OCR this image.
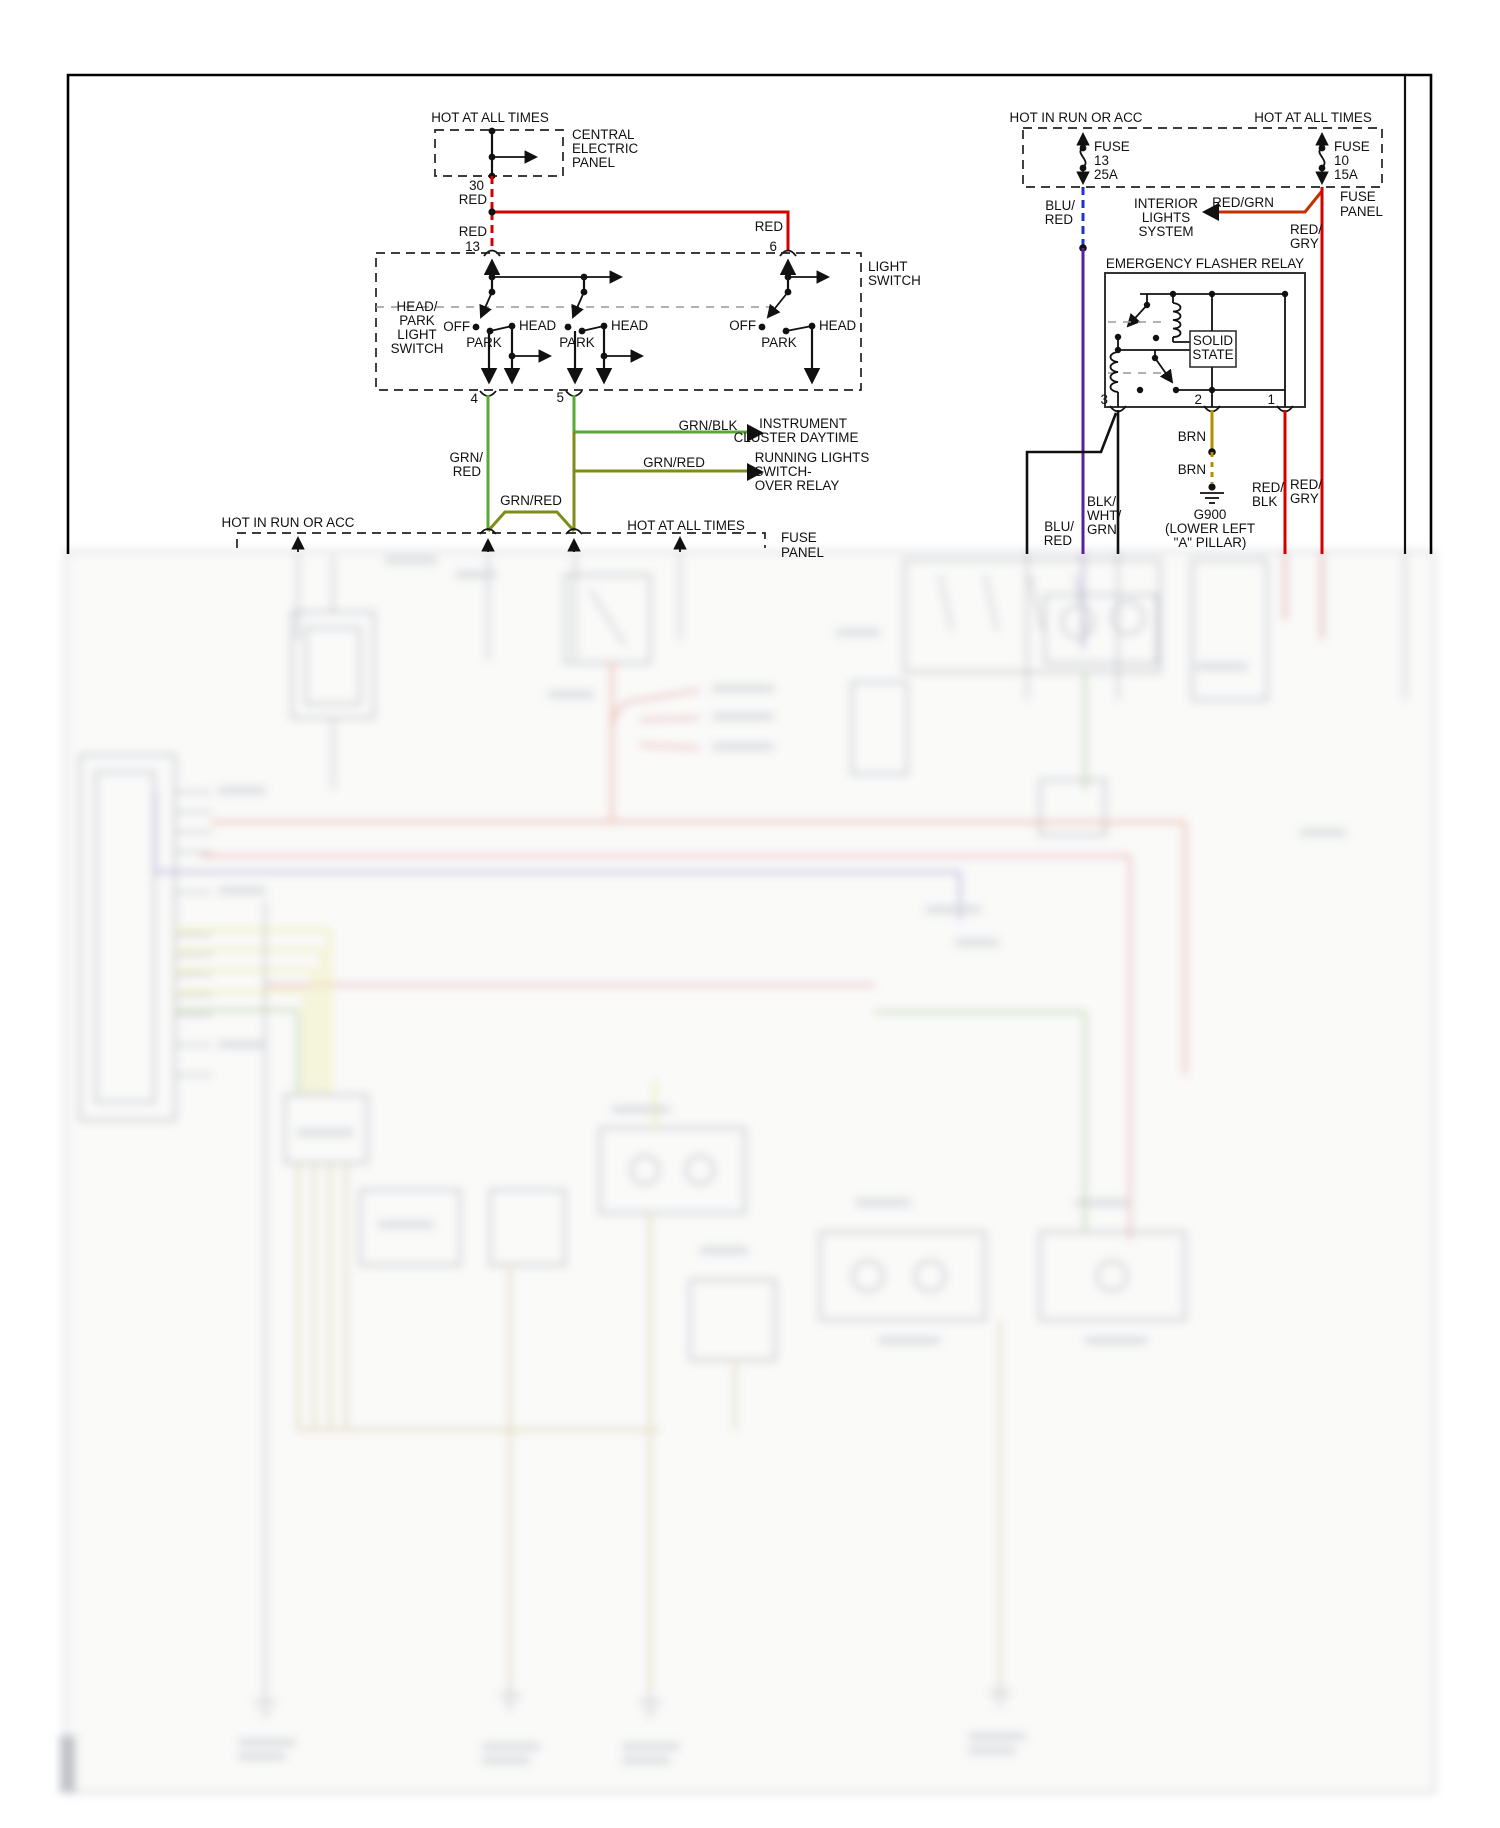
HOT AT ALL TIMES
CENTRAL
ELECTRIC
PANEL
30
RED
RED
13
RED
6
LIGHT
SWITCH
HEAD/
PARK
LIGHT
SWITCH
OFF
PARK
HEAD
PARK
HEAD	OFF
PARK
HEAD
4	5
GRN/BLK INSTRUMENT
CLUSTER DAYTIME
GRN/
RED
GRN/RED	RUNNING LIGHTS
SWITCH-
OVER RELAY
GRN/RED
HOT IN RUN OR ACC	HOT AT ALL TIMES
FUSE
PANEL
HOT IN RUN OR ACC	HOT AT ALL TIMES
FUSE
PANEL
FUSE
13
25A
FUSE
10
15A
BLU/
RED
INTERIOR
LIGHTS
SYSTEM
RED/GRN
RED/
GRY
EMERGENCY FLASHER RELAY
SOLID
STATE
3	2	1
BRN
BRN
BLK/
WHT/
GRN
BLU/
RED
G900
(LOWER LEFT
"A" PILLAR)
RED/
BLK
RED/
GRY
